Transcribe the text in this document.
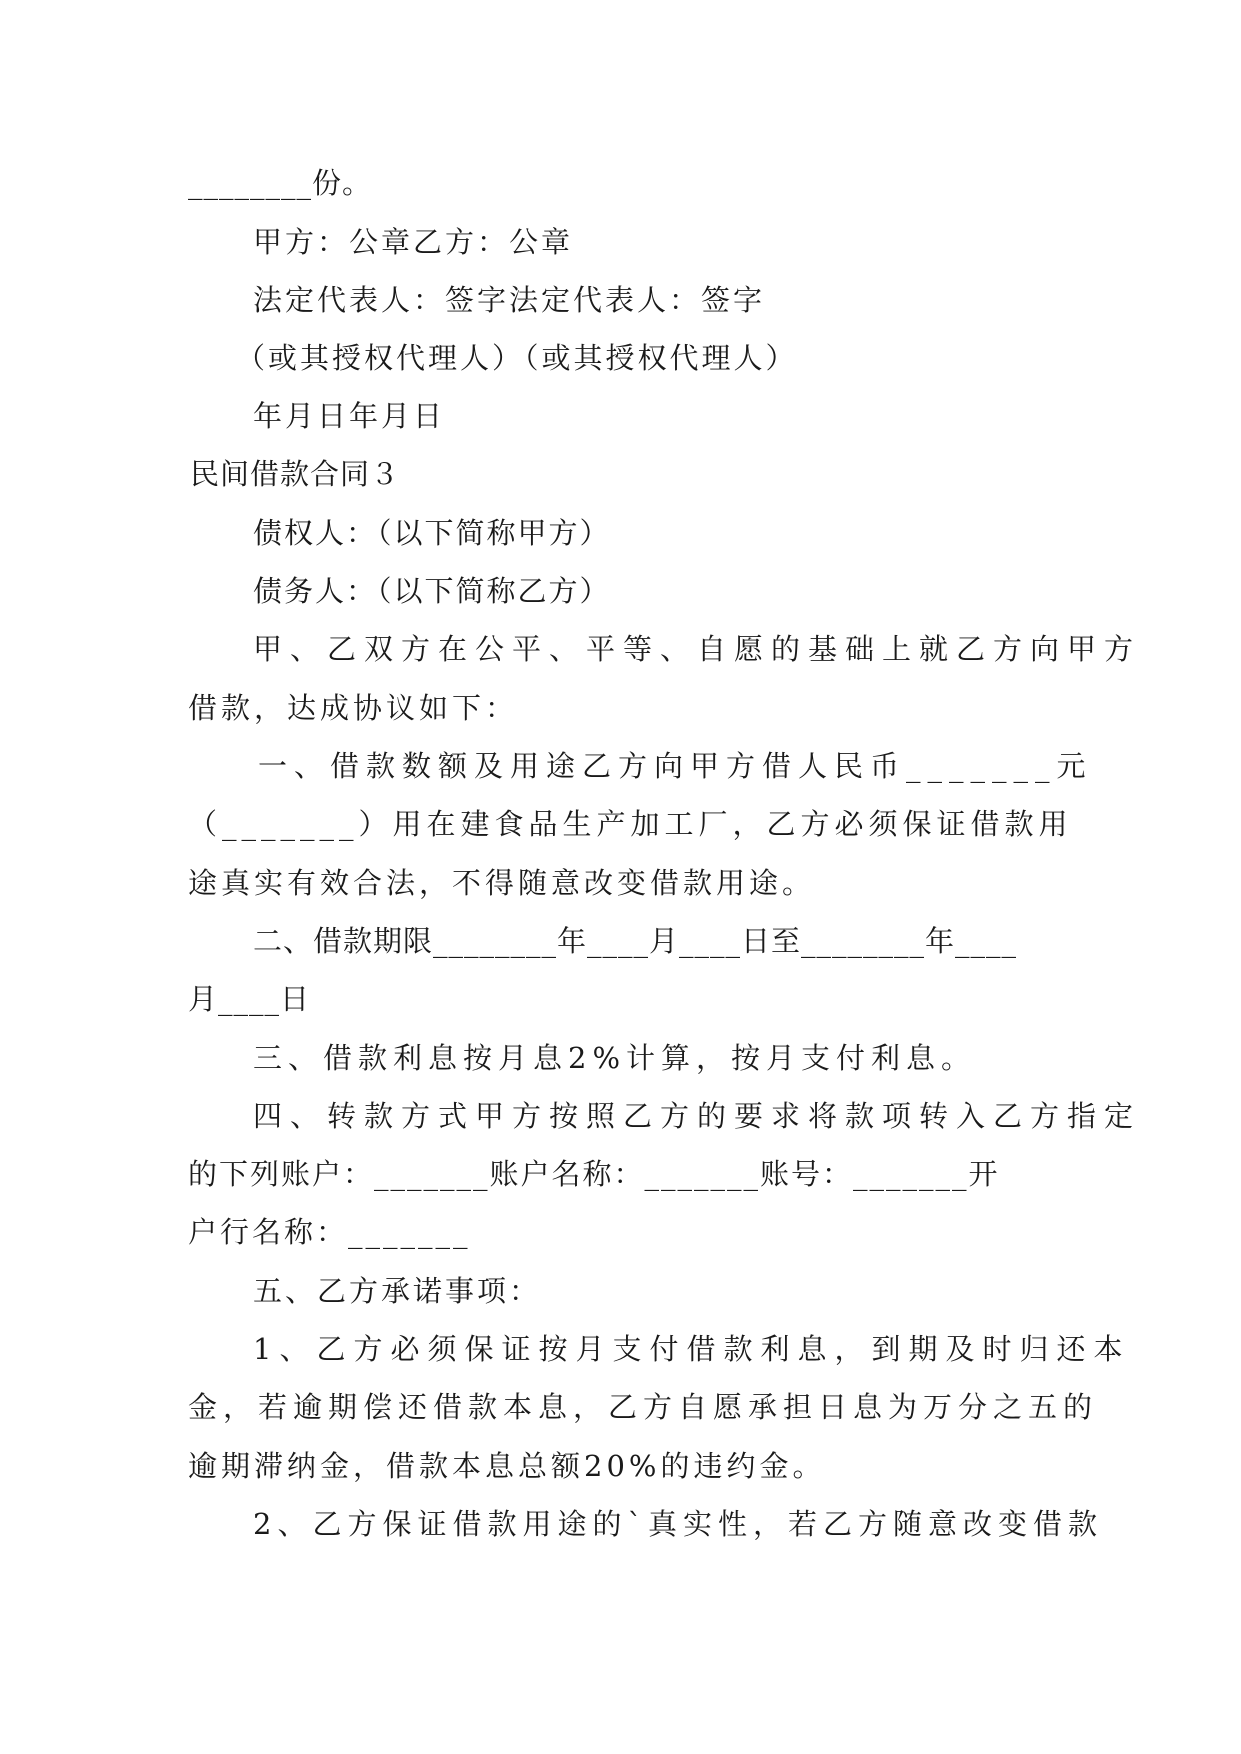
________份。
甲方：公章乙方：公章
法定代表人：签字法定代表人：签字
（或其授权代理人）（或其授权代理人）
年月日年月日
民间借款合同３
债权人：（以下简称甲方）
债务人：（以下简称乙方）
甲、乙双方在公平、平等、自愿的基础上就乙方向甲方
借款，达成协议如下：
一、借款数额及用途乙方向甲方借人民币_______元
（_______）用在建食品生产加工厂，乙方必须保证借款用
途真实有效合法，不得随意改变借款用途。
二、借款期限________年____月____日至________年____
月____日
三、借款利息按月息2%计算，按月支付利息。
四、转款方式甲方按照乙方的要求将款项转入乙方指定
的下列账户：_______账户名称：_______账号：_______开
户行名称：_______
五、乙方承诺事项：
1、乙方必须保证按月支付借款利息，到期及时归还本
金，若逾期偿还借款本息，乙方自愿承担日息为万分之五的
逾期滞纳金，借款本息总额20%的违约金。
2、乙方保证借款用途的`真实性，若乙方随意改变借款
